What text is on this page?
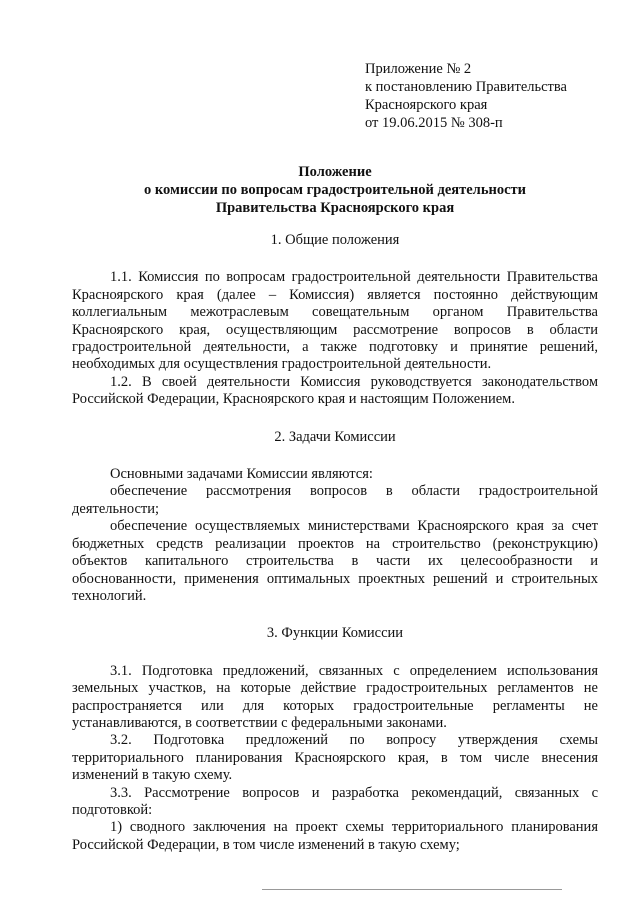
Приложение № 2
к постановлению Правительства
Красноярского края
от 19.06.2015 № 308-п
Положение
о комиссии по вопросам градостроительной деятельности
Правительства Красноярского края

1. Общие положения

1.1. Комиссия по вопросам градостроительной деятельности Правительства Красноярского края (далее – Комиссия) является постоянно действующим коллегиальным межотраслевым совещательным органом Правительства Красноярского края, осуществляющим рассмотрение вопросов в области градостроительной деятельности, а также подготовку и принятие решений, необходимых для осуществления градостроительной деятельности.

1.2. В своей деятельности Комиссия руководствуется законодательством Российской Федерации, Красноярского края и настоящим Положением.

2. Задачи Комиссии

Основными задачами Комиссии являются:

обеспечение рассмотрения вопросов в области градостроительной деятельности;

обеспечение осуществляемых министерствами Красноярского края за счет бюджетных средств реализации проектов на строительство (реконструкцию) объектов капитального строительства в части их целесообразности и обоснованности, применения оптимальных проектных решений и строительных технологий.

3. Функции Комиссии

3.1. Подготовка предложений, связанных с определением использования земельных участков, на которые действие градостроительных регламентов не распространяется или для которых градостроительные регламенты не устанавливаются, в соответствии с федеральными законами.

3.2. Подготовка предложений по вопросу утверждения схемы территориального планирования Красноярского края, в том числе внесения изменений в такую схему.

3.3. Рассмотрение вопросов и разработка рекомендаций, связанных с подготовкой:

1) сводного заключения на проект схемы территориального планирования Российской Федерации, в том числе изменений в такую схему;
